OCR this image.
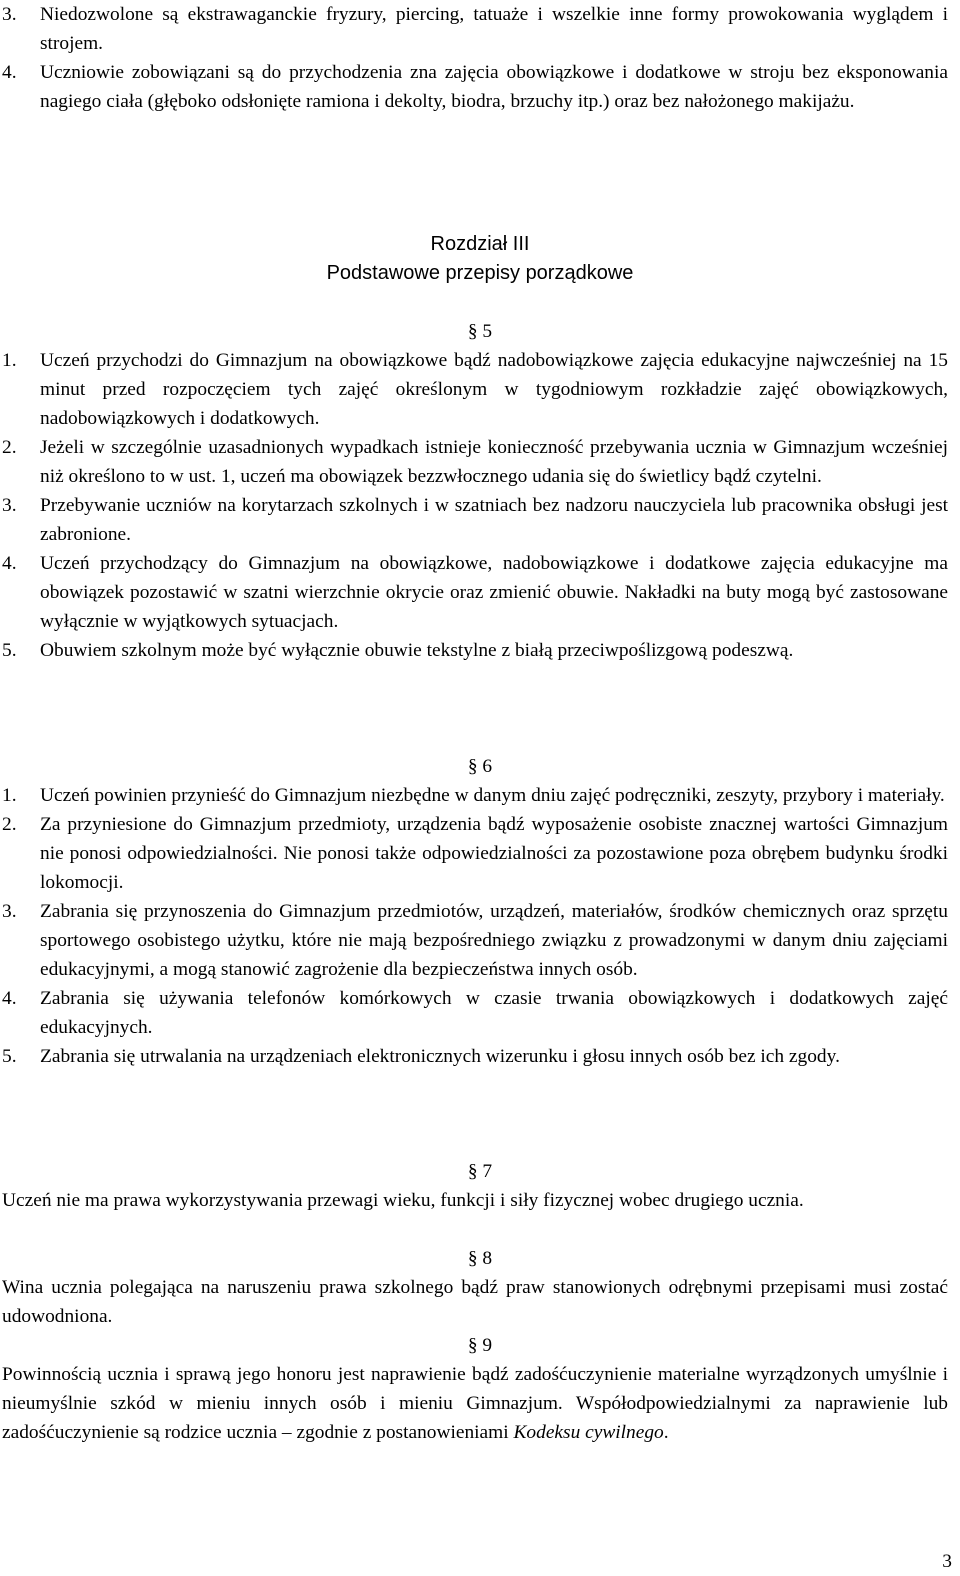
3.	Niedozwolone są ekstrawaganckie fryzury, piercing, tatuaże i wszelkie inne formy prowokowania wyglądem i strojem.
4.	Uczniowie zobowiązani są do przychodzenia zna zajęcia obowiązkowe i dodatkowe w stroju bez eksponowania nagiego ciała (głęboko odsłonięte ramiona i dekolty, biodra, brzuchy itp.) oraz bez nałożonego makijażu.
Rozdział III
Podstawowe przepisy porządkowe
§ 5
1.	Uczeń przychodzi do Gimnazjum na obowiązkowe bądź nadobowiązkowe zajęcia edukacyjne najwcześniej na 15 minut przed rozpoczęciem tych zajęć określonym w tygodniowym rozkładzie zajęć obowiązkowych, nadobowiązkowych i dodatkowych.
2.	Jeżeli w szczególnie uzasadnionych wypadkach istnieje konieczność przebywania ucznia w Gimnazjum wcześniej niż określono to w ust. 1, uczeń ma obowiązek bezzwłocznego udania się do świetlicy bądź czytelni.
3.	Przebywanie uczniów na korytarzach szkolnych i w szatniach bez nadzoru nauczyciela lub pracownika obsługi jest zabronione.
4.	Uczeń przychodzący do Gimnazjum na obowiązkowe, nadobowiązkowe i dodatkowe zajęcia edukacyjne ma obowiązek pozostawić w szatni wierzchnie okrycie oraz zmienić obuwie. Nakładki na buty mogą być zastosowane wyłącznie w wyjątkowych sytuacjach.
5.	Obuwiem szkolnym może być wyłącznie obuwie tekstylne z białą przeciwpoślizgową podeszwą.
§ 6
1.	Uczeń powinien przynieść do Gimnazjum niezbędne w danym dniu zajęć podręczniki, zeszyty, przybory i materiały.
2.	Za przyniesione do Gimnazjum przedmioty, urządzenia bądź wyposażenie osobiste znacznej wartości Gimnazjum nie ponosi odpowiedzialności. Nie ponosi także odpowiedzialności za pozostawione poza obrębem budynku środki lokomocji.
3.	Zabrania się przynoszenia do Gimnazjum przedmiotów, urządzeń, materiałów, środków chemicznych oraz sprzętu sportowego osobistego użytku, które nie mają bezpośredniego związku z prowadzonymi w danym dniu zajęciami edukacyjnymi, a mogą stanowić zagrożenie dla bezpieczeństwa innych osób.
4.	Zabrania się używania telefonów komórkowych w czasie trwania obowiązkowych i dodatkowych zajęć edukacyjnych.
5.	Zabrania się utrwalania na urządzeniach elektronicznych wizerunku i głosu innych osób bez ich zgody.
§ 7
Uczeń nie ma prawa wykorzystywania przewagi wieku, funkcji i siły fizycznej wobec drugiego ucznia.
§ 8
Wina ucznia polegająca na naruszeniu prawa szkolnego bądź praw stanowionych odrębnymi przepisami musi zostać udowodniona.
§ 9
Powinnością ucznia i sprawą jego honoru jest naprawienie bądź zadośćuczynienie materialne wyrządzonych umyślnie i nieumyślnie szkód w mieniu innych osób i mieniu Gimnazjum. Współodpowiedzialnymi za naprawienie lub zadośćuczynienie są rodzice ucznia – zgodnie z postanowieniami Kodeksu cywilnego.
3
